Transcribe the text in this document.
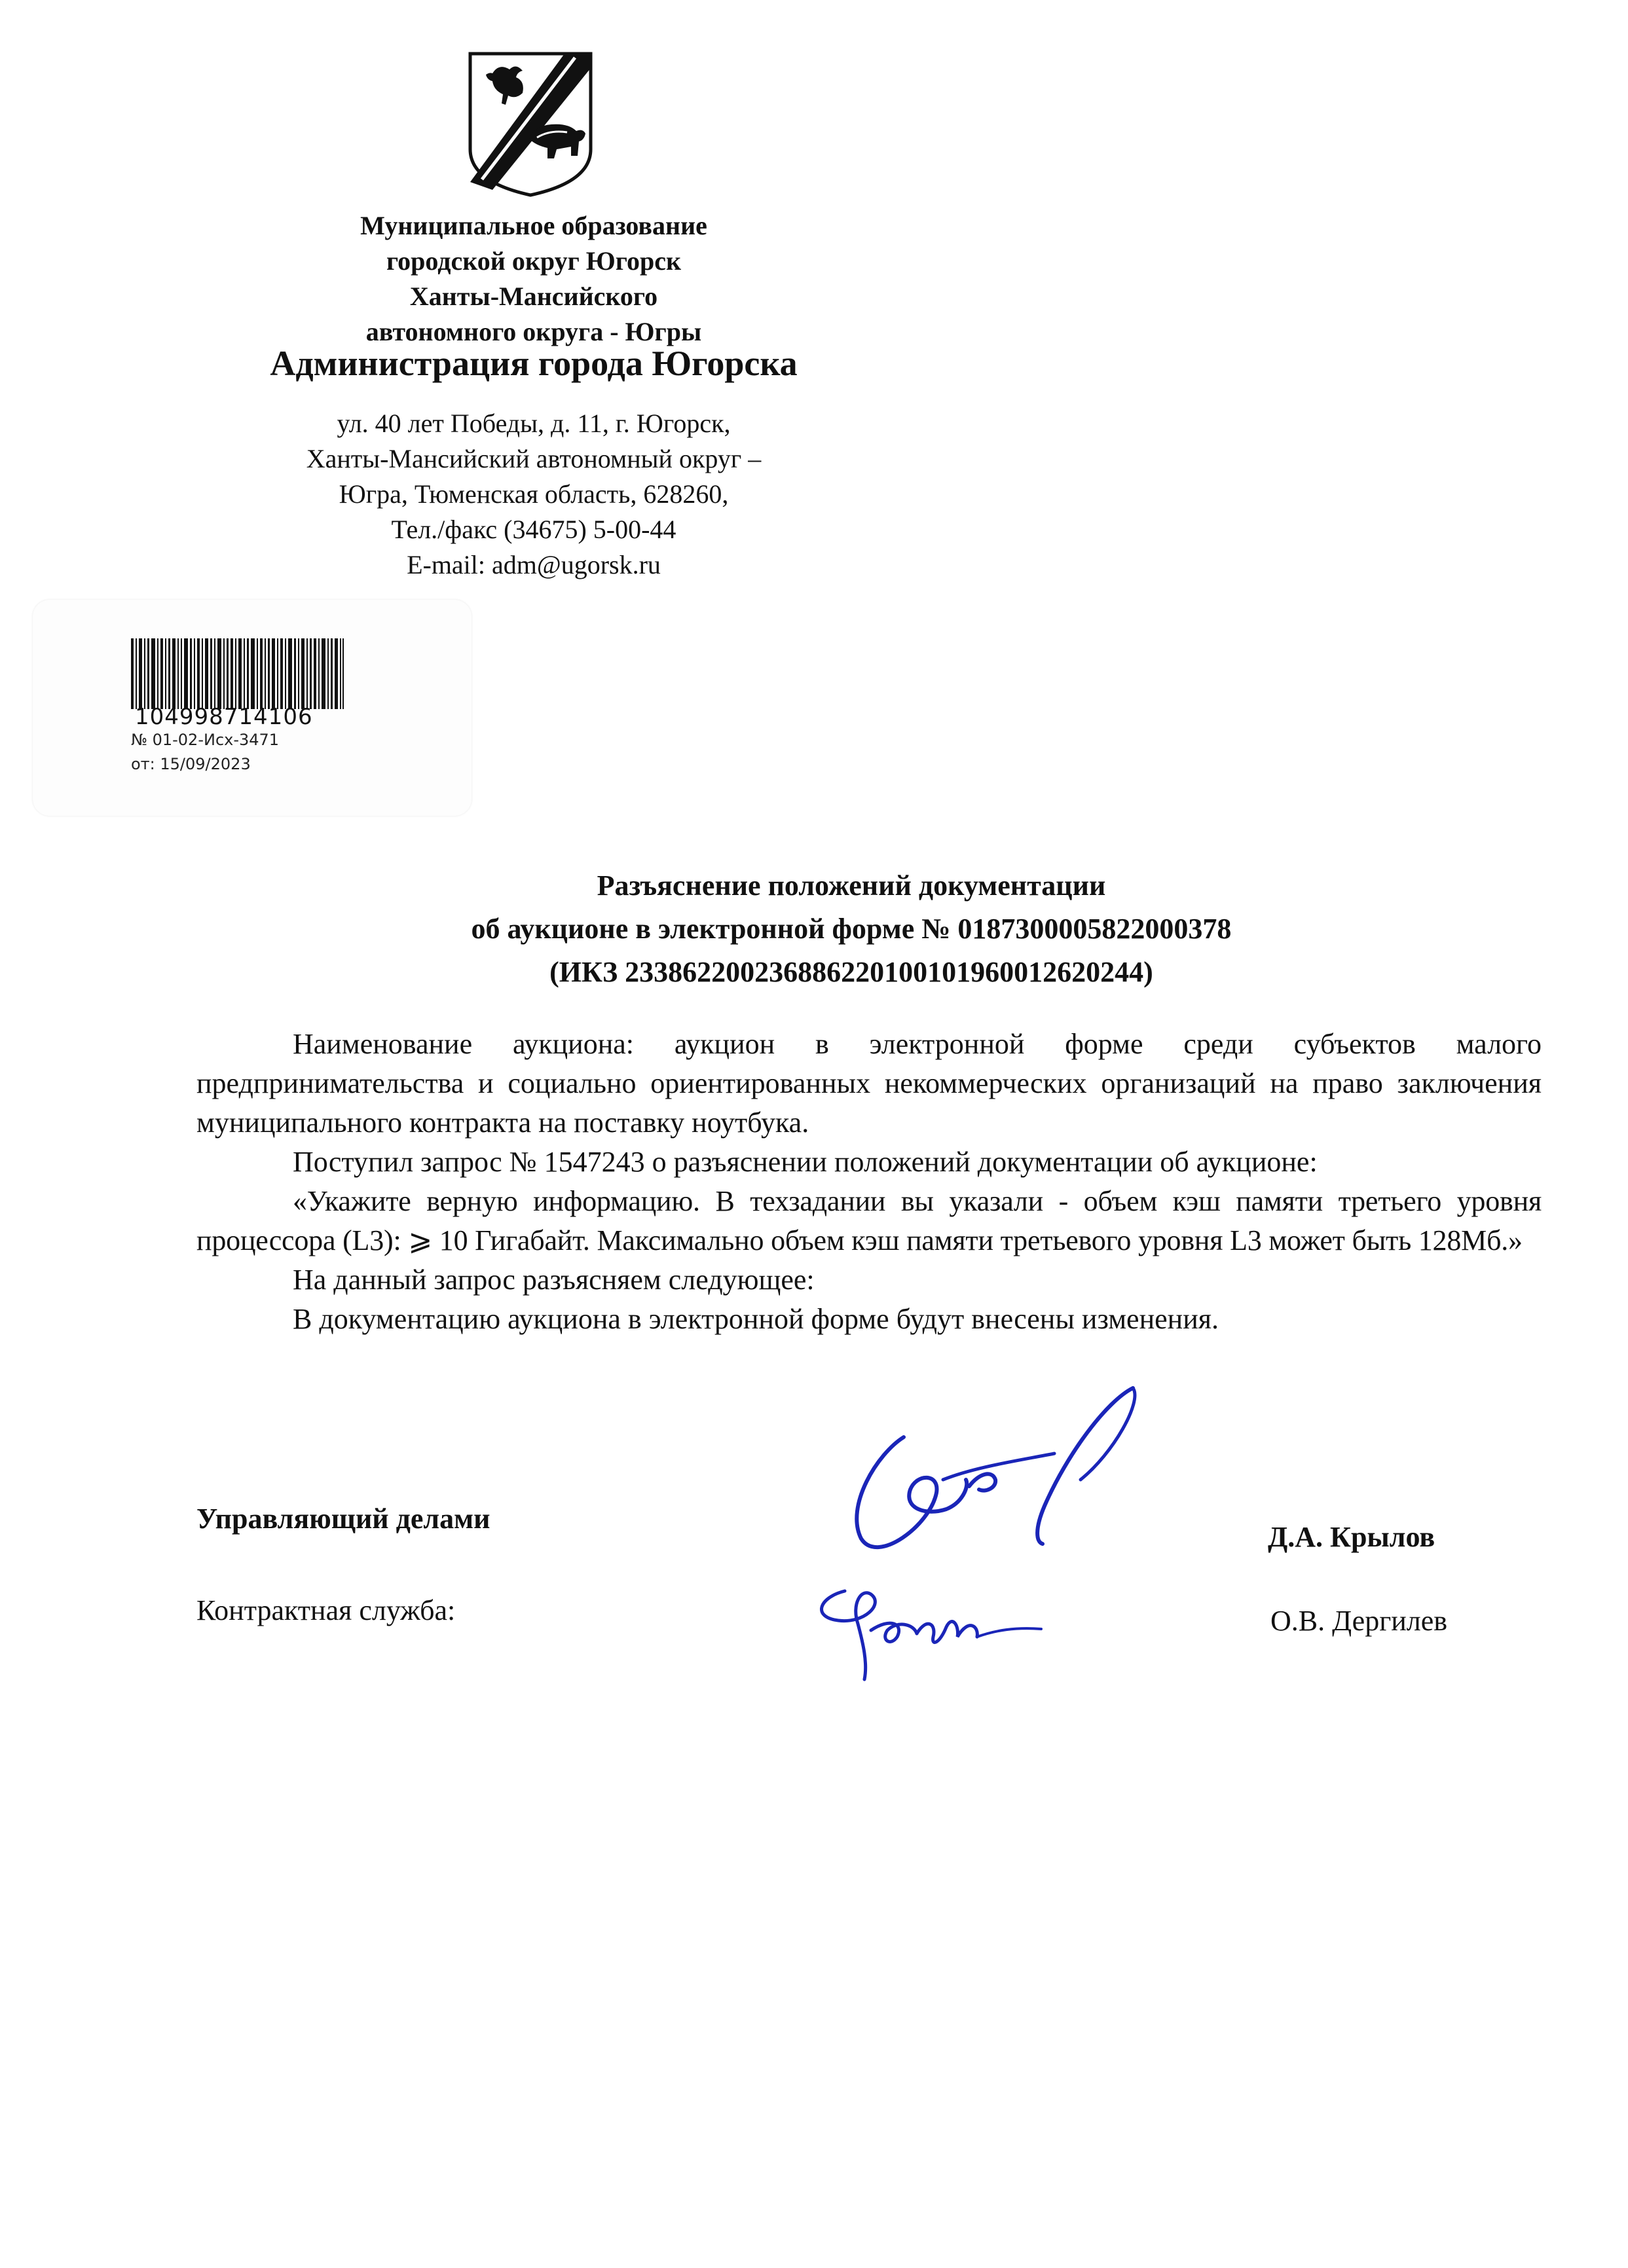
Муниципальное образование
городской округ Югорск
Ханты-Мансийского
автономного округа - Югры
Администрация города Югорска
ул. 40 лет Победы, д. 11, г. Югорск,
Ханты-Мансийский автономный округ –
Югра, Тюменская область, 628260,
Тел./факс (34675) 5-00-44
E-mail: adm@ugorsk.ru
104998714106
№ 01-02-Исх-3471
от: 15/09/2023
Разъяснение положений документации
об аукционе в электронной форме № 0187300005822000378
(ИКЗ 233862200236886220100101960012620244)

Наименование аукциона: аукцион в электронной форме среди субъектов малого предпринимательства и социально ориентированных некоммерческих организаций на право заключения муниципального контракта на поставку ноутбука.

Поступил запрос № 1547243 о разъяснении положений документации об аукционе:

«Укажите верную информацию. В техзадании вы указали - объем кэш памяти третьего уровня процессора (L3): ⩾ 10 Гигабайт. Максимально объем кэш памяти третьевого уровня L3 может быть 128Мб.»

На данный запрос разъясняем следующее:

В документацию аукциона в электронной форме будут внесены изменения.

Управляющий делами
Д.А. Крылов
Контрактная служба:	О.В. Дергилев
